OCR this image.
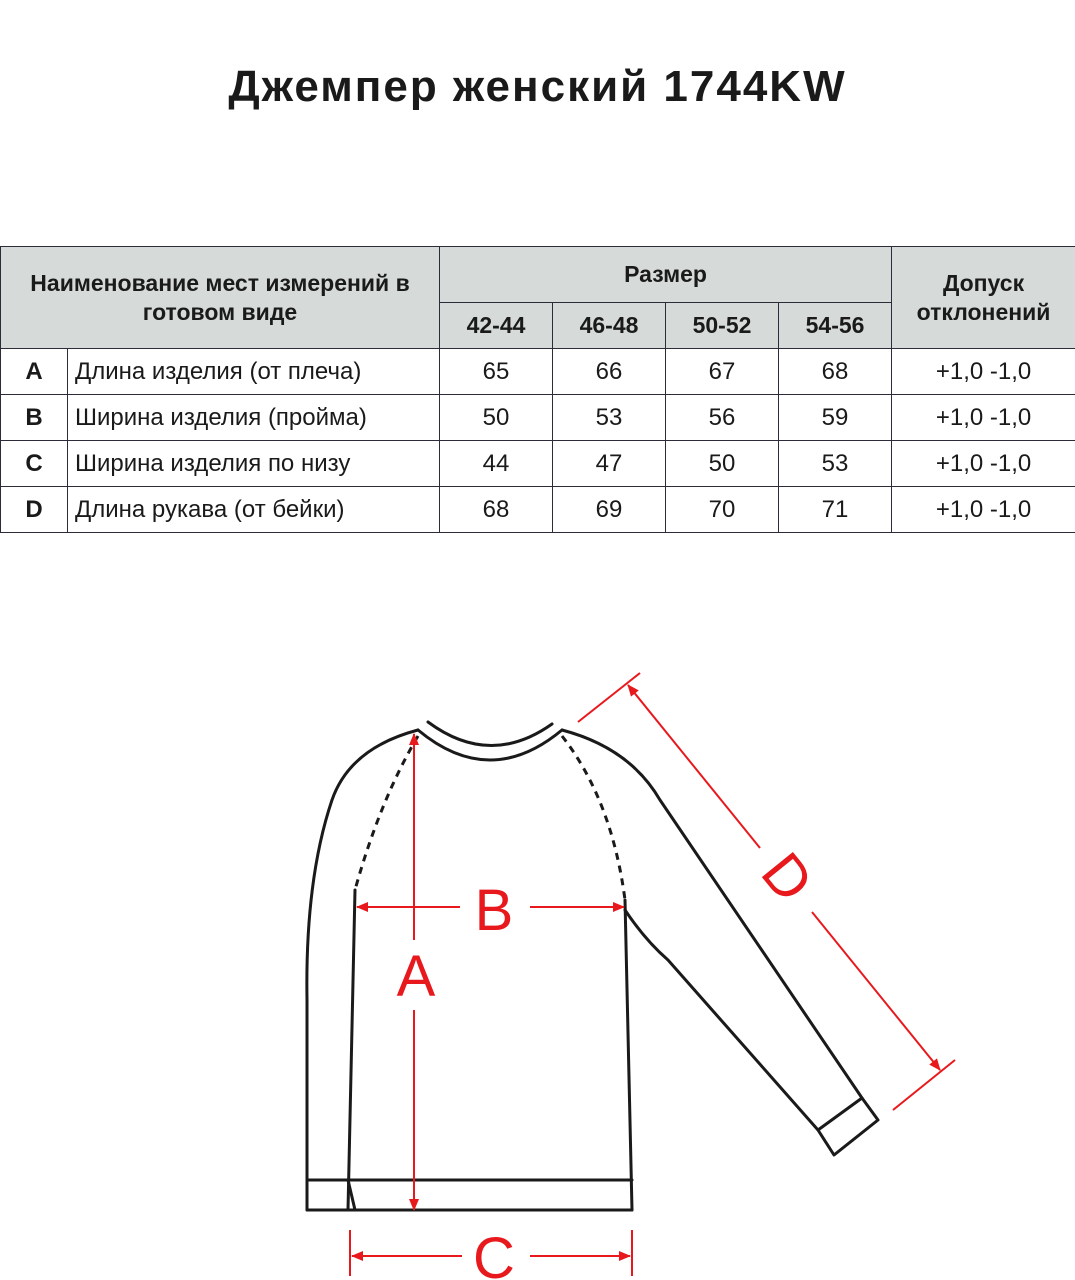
Джемпер женский 1744KW
Наименование мест измерений в готовом виде		Размер				Допуск отклонений
		42-44	46-48	50-52	54-56	
A	Длина изделия (от плеча)	65	66	67	68	+1,0 -1,0
B	Ширина изделия (пройма)	50	53	56	59	+1,0 -1,0
C	Ширина изделия по низу	44	47	50	53	+1,0 -1,0
D	Длина рукава (от бейки)	68	69	70	71	+1,0 -1,0
A
B
C
D
